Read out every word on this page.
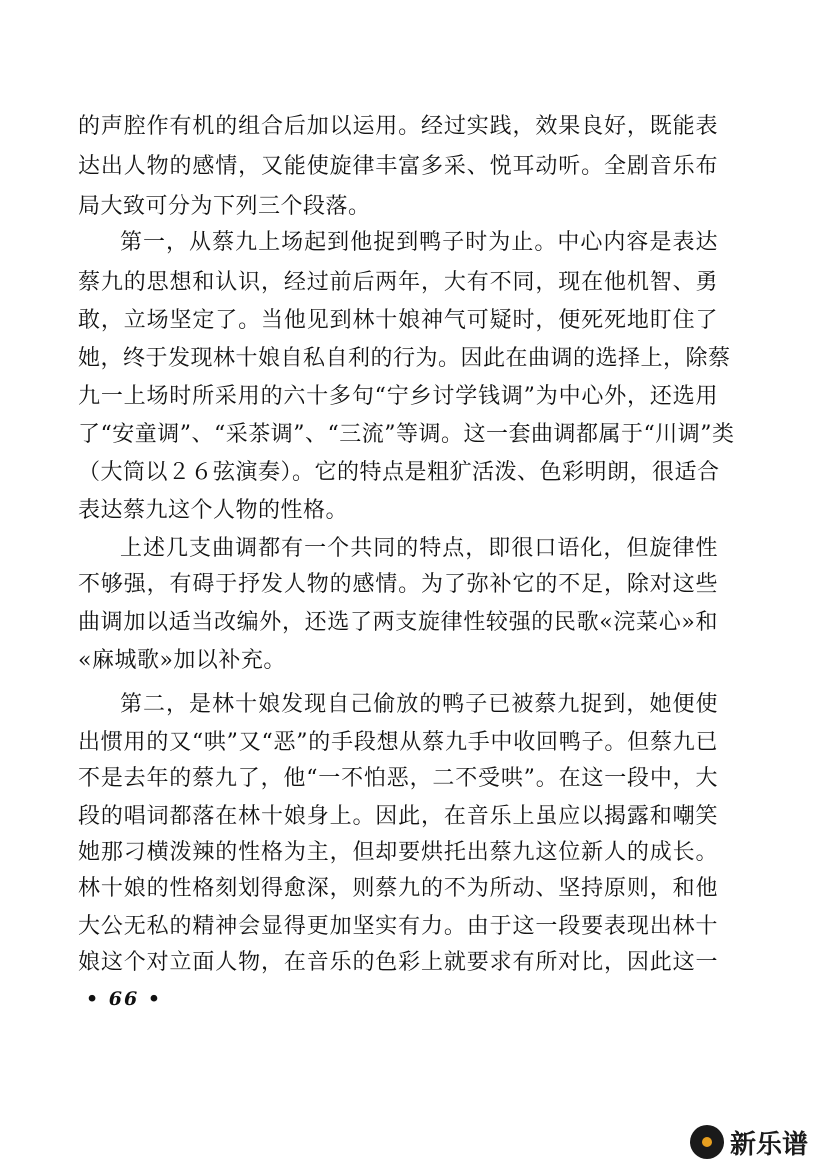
的声腔作有机的组合后加以运用。经过实践，效果良好，既能表
达出人物的感情，又能使旋律丰富多采、悦耳动听。全剧音乐布
局大致可分为下列三个段落。
第一，从蔡九上场起到他捉到鸭子时为止。中心内容是表达
蔡九的思想和认识，经过前后两年，大有不同，现在他机智、勇
敢，立场坚定了。当他见到林十娘神气可疑时，便死死地盯住了
她，终于发现林十娘自私自利的行为。因此在曲调的选择上，除蔡
九一上场时所采用的六十多句“宁乡讨学钱调”为中心外，还选用
了“安童调”、“采茶调”、“三流”等调。这一套曲调都属于“川调”类
（大筒以２６弦演奏）。它的特点是粗犷活泼、色彩明朗，很适合
表达蔡九这个人物的性格。
上述几支曲调都有一个共同的特点，即很口语化，但旋律性
不够强，有碍于抒发人物的感情。为了弥补它的不足，除对这些
曲调加以适当改编外，还选了两支旋律性较强的民歌«浣菜心»和
«麻城歌»加以补充。
第二，是林十娘发现自己偷放的鸭子已被蔡九捉到，她便使
出惯用的又“哄”又“恶”的手段想从蔡九手中收回鸭子。但蔡九已
不是去年的蔡九了，他“一不怕恶，二不受哄”。在这一段中，大
段的唱词都落在林十娘身上。因此，在音乐上虽应以揭露和嘲笑
她那刁横泼辣的性格为主，但却要烘托出蔡九这位新人的成长。
林十娘的性格刻划得愈深，则蔡九的不为所动、坚持原则，和他
大公无私的精神会显得更加坚实有力。由于这一段要表现出林十
娘这个对立面人物，在音乐的色彩上就要求有所对比，因此这一
• 66 •
新乐谱
